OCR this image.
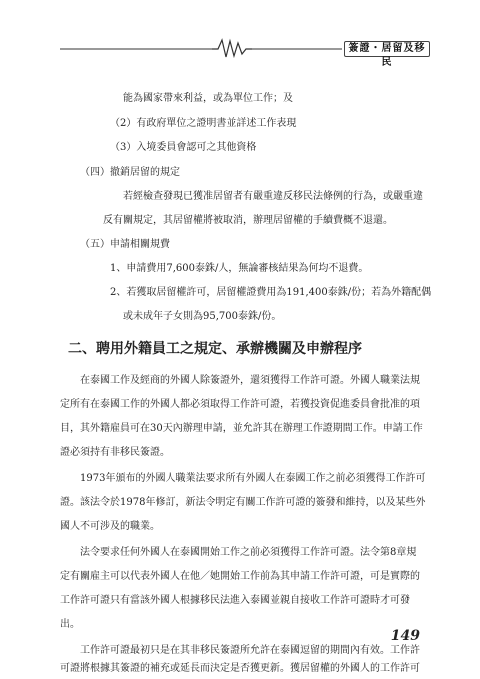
簽證・居留及移民
能為國家帶來利益，或為單位工作；及
（2）有政府單位之證明書並詳述工作表現
（3）入境委員會認可之其他資格
（四）撤銷居留的規定
若經檢查發現已獲准居留者有嚴重違反移民法條例的行為，或嚴重違
反有關規定，其居留權將被取消，辦理居留權的手續費概不退還。
（五）申請相關規費
1、申請費用7,600泰銖/人，無論審核結果為何均不退費。
2、若獲取居留權許可，居留權證費用為191,400泰銖/份；若為外籍配偶
或未成年子女則為95,700泰銖/份。
二、聘用外籍員工之規定、承辦機關及申辦程序
在泰國工作及經商的外國人除簽證外，還須獲得工作許可證。外國人職業法規
定所有在泰國工作的外國人都必須取得工作許可證，若獲投資促進委員會批准的項
目，其外籍雇員可在30天內辦理申請，並允許其在辦理工作證期間工作。申請工作
證必須持有非移民簽證。
1973年頒布的外國人職業法要求所有外國人在泰國工作之前必須獲得工作許可
證。該法令於1978年修訂，新法令明定有關工作許可證的簽發和維持，以及某些外
國人不可涉及的職業。
法令要求任何外國人在泰國開始工作之前必須獲得工作許可證。法令第8章規
定有關雇主可以代表外國人在他／她開始工作前為其申請工作許可證，可是實際的
工作許可證只有當該外國人根據移民法進入泰國並親自接收工作許可證時才可發
出。
工作許可證最初只是在其非移民簽證所允許在泰國逗留的期間內有效。工作許
可證將根據其簽證的補充或延長而決定是否獲更新。獲居留權的外國人的工作許可
149
